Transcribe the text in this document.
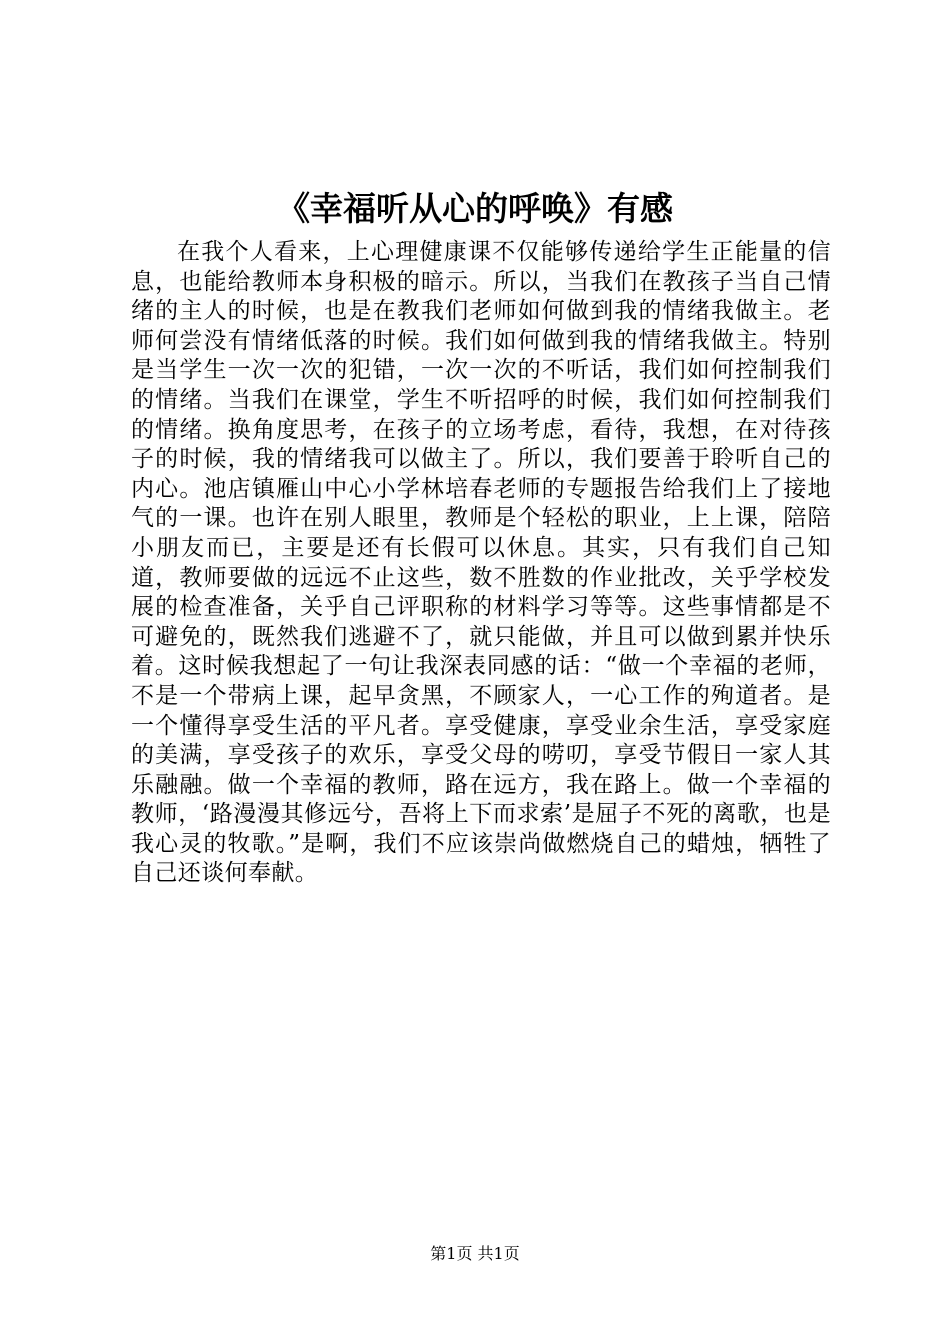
《幸福听从心的呼唤》有感

在我个人看来，上心理健康课不仅能够传递给学生正能量的信息，也能给教师本身积极的暗示。所以，当我们在教孩子当自己情绪的主人的时候，也是在教我们老师如何做到我的情绪我做主。老师何尝没有情绪低落的时候。我们如何做到我的情绪我做主。特别是当学生一次一次的犯错，一次一次的不听话，我们如何控制我们的情绪。当我们在课堂，学生不听招呼的时候，我们如何控制我们的情绪。换角度思考，在孩子的立场考虑，看待，我想，在对待孩子的时候，我的情绪我可以做主了。所以，我们要善于聆听自己的内心。池店镇雁山中心小学林培春老师的专题报告给我们上了接地气的一课。也许在别人眼里，教师是个轻松的职业，上上课，陪陪小朋友而已，主要是还有长假可以休息。其实，只有我们自己知道，教师要做的远远不止这些，数不胜数的作业批改，关乎学校发展的检查准备，关乎自己评职称的材料学习等等。这些事情都是不可避免的，既然我们逃避不了，就只能做，并且可以做到累并快乐着。这时候我想起了一句让我深表同感的话：“做一个幸福的老师，不是一个带病上课，起早贪黑，不顾家人，一心工作的殉道者。是一个懂得享受生活的平凡者。享受健康，享受业余生活，享受家庭的美满，享受孩子的欢乐，享受父母的唠叨，享受节假日一家人其乐融融。做一个幸福的教师，路在远方，我在路上。做一个幸福的教师，‘路漫漫其修远兮，吾将上下而求索’是屈子不死的离歌，也是我心灵的牧歌。”是啊，我们不应该崇尚做燃烧自己的蜡烛，牺牲了自己还谈何奉献。

第1页 共1页
